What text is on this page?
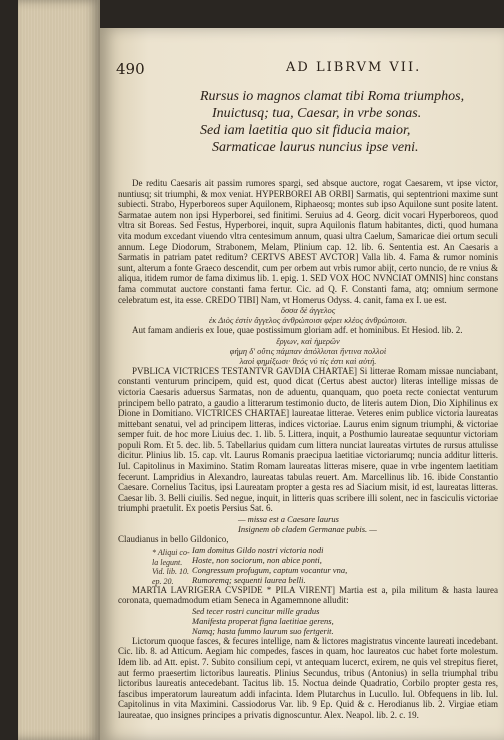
490	AD LIBRVM VII.
Rursus io magnos clamat tibi Roma triumphos,
Inuictusq; tua, Caesar, in vrbe sonas.
Sed iam laetitia quo sit fiducia maior,
Sarmaticae laurus nuncius ipse veni.

De reditu Caesaris ait passim rumores spargi, sed absque auctore, rogat Caesarem, vt ipse victor, nuntiusq; sit triumphi, & mox veniat. HYPERBOREI AB ORBI] Sarmatis, qui septentrioni maxime sunt subiecti. Strabo, Hyperboreos super Aquilonem, Riphaeosq; montes sub ipso Aquilone sunt posite latent. Sarmatae autem non ipsi Hyperborei, sed finitimi. Seruius ad 4. Georg. dicit vocari Hyperboreos, quod vltra sit Boreas. Sed Festus, Hyperborei, inquit, supra Aquilonis flatum habitantes, dicti, quod humana vita modum excedant viuendo vltra centesimum annum, quasi ultra Caelum, Samaricae diei ortum seculi annum. Lege Diodorum, Strabonem, Melam, Plinium cap. 12. lib. 6. Sententia est. An Caesaris a Sarmatis in patriam patet reditum? CERTVS ABEST AVCTOR] Valla lib. 4. Fama & rumor nominis sunt, alterum a fonte Graeco descendit, cum per orbem aut vrbis rumor abijt, certo nuncio, de re vnius & aliqua, itidem rumor de fama diximus lib. 1. epig. 1. SED VOX HOC NVNCIAT OMNIS] hinc constans fama commutat auctore constanti fama fertur. Cic. ad Q. F. Constanti fama, atq; omnium sermone celebratum est, ita esse. CREDO TIBI] Nam, vt Homerus Odyss. 4. canit, fama ex I. ue est.

ὄσσα δὲ ἀγγελος
ἐκ Διὸς ἐστίν ἄγγελος ἀνθρώποισι φέρει κλέος ἀνθρώποισι.

Aut famam andieris ex Ioue, quae postissimum gloriam adf. et hominibus. Et Hesiod. lib. 2.

ἔργων, καὶ ἡμερῶν
φήμη δ' οὔτις πάμπαν ἀπόλλυται ἥντινα πολλοὶ
λαοὶ φημίξωσι· θεός νύ τίς ἐστι καὶ αὐτή.

PVBLICA VICTRICES TESTANTVR GAVDIA CHARTAE] Si litterae Romam missae nunciabant, constanti venturum principem, quid est, quod dicat (Certus abest auctor) literas intellige missas de victoria Caesaris aduersus Sarmatas, non de aduentu, quanquam, quo poeta recte coniectat venturum principem bello patrato, a gaudio a litterarum testimonio ducto, de literis autem Dion, Dio Xiphilinus ex Dione in Domitiano. VICTRICES CHARTAE] laureatae litterae. Veteres enim publice victoria laureatas mittebant senatui, vel ad principem litteras, indices victoriae. Laurus enim signum triumphi, & victoriae semper fuit. de hoc more Liuius dec. 1. lib. 5. Littera, inquit, a Posthumio laureatae sequuntur victoriam populi Rom. Et 5. dec. lib. 5. Tabellarius quidam cum littera nunciat laureatas virtutes de rursus attulisse dicitur. Plinius lib. 15. cap. vlt. Laurus Romanis praecipua laetitiae victoriarumq; nuncia additur litteris. Iul. Capitolinus in Maximino. Statim Romam laureatas litteras misere, quae in vrbe ingentem laetitiam fecerunt. Lampridius in Alexandro, laureatas tabulas reuert. Am. Marcellinus lib. 16. ibide Constantio Caesare. Cornelius Tacitus, ipsi Laureatam propter a gesta res ad Siacium misit, id est, laureatas litteras. Caesar lib. 3. Belli ciuilis. Sed negue, inquit, in litteris quas scribere illi solent, nec in fasciculis victoriae triumphi praetulit. Ex poetis Persius Sat. 6.

— missa est a Caesare laurus
Insignem ob cladem Germanae pubis. —

Claudianus in bello Gildonico,

Iam domitus Gildo nostri victoria nodi
Hoste, non sociorum, non abice ponti,
Congressum profugum, captum vocantur vna,
Rumoremq; sequenti laurea belli.

MARTIA LAVRIGERA CVSPIDE * PILA VIRENT] Martia est a, pila militum & hasta laurea coronata, quemadmodum etiam Seneca in Agamemnone alludit:

Sed tecer rostri cuncitur mille gradus
Manifesta properat figna laetitiae gerens,
Namq; hasta fummo laurum suo fertgerit.

Lictorum quoque fasces, & fecures intellige, nam & lictores magistratus vincente laureati incedebant. Cic. lib. 8. ad Atticum. Aegiam hic compedes, fasces in quam, hoc laureatos cuc habet forte molestum. Idem lib. ad Att. epist. 7. Subito consilium cepi, vt antequam lucerct, exirem, ne quis vel strepitus fieret, aut fermo praesertim lictoribus laureatis. Plinius Secundus, tribus (Antonius) in sella triumphal tribu lictoribus laureatis antecedebant. Tacitus lib. 15. Noctua deinde Quadratio, Corbilo propter gesta res, fascibus imperatorum laureatum addi infacinta. Idem Plutarchus in Lucullo. Iul. Obfequens in lib. Iul. Capitolinus in vita Maximini. Cassiodorus Var. lib. 9 Ep. Quid & c. Herodianus lib. 2. Virgiae etiam laureatae, quo insignes principes a privatis dignoscuntur. Alex. Neapol. lib. 2. c. 19.

* Aliqui co-
la legunt.
Vid. lib. 10.
ep. 20.
